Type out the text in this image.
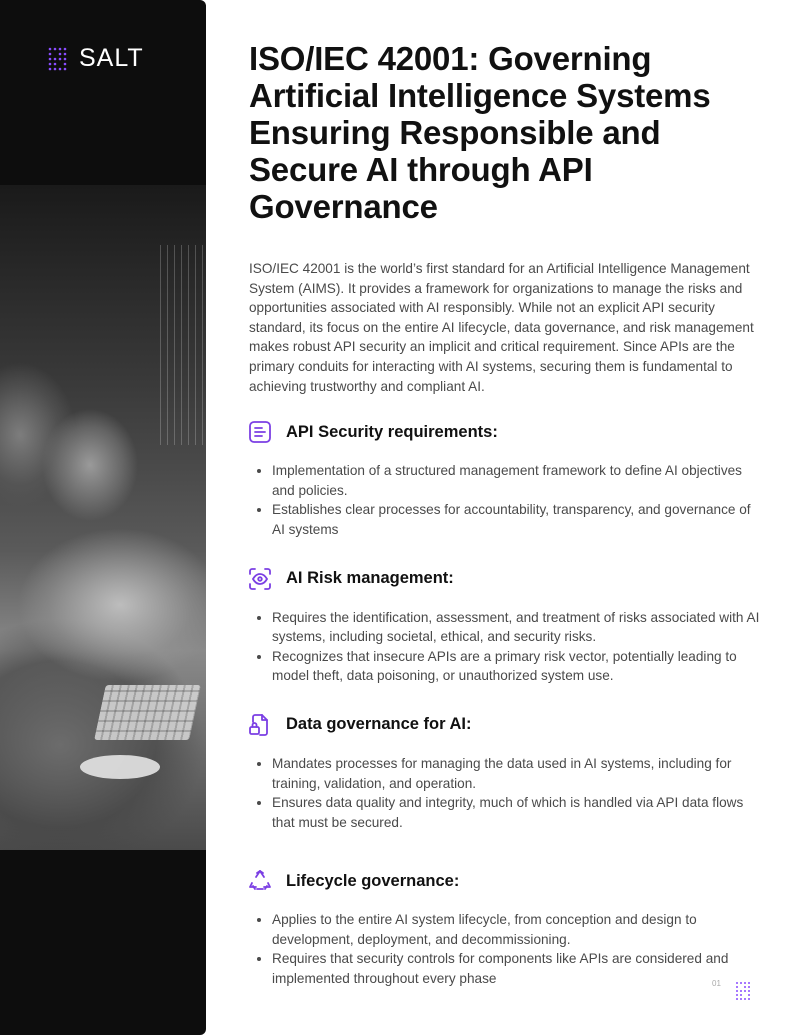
SALT	ISO/IEC 42001: Governing Artificial Intelligence Systems Ensuring Responsible and Secure AI through API Governance

ISO/IEC 42001 is the world’s first standard for an Artificial Intelligence Management System (AIMS). It provides a framework for organizations to manage the risks and opportunities associated with AI responsibly. While not an explicit API security standard, its focus on the entire AI lifecycle, data governance, and risk management makes robust API security an implicit and critical requirement. Since APIs are the primary conduits for interacting with AI systems, securing them is fundamental to achieving trustworthy and compliant AI.

API Security requirements:
• Implementation of a structured management framework to define AI objectives and policies.
• Establishes clear processes for accountability, transparency, and governance of AI systems
AI Risk management:
• Requires the identification, assessment, and treatment of risks associated with AI systems, including societal, ethical, and security risks.
• Recognizes that insecure APIs are a primary risk vector, potentially leading to model theft, data poisoning, or unauthorized system use.
Data governance for AI:
• Mandates processes for managing the data used in AI systems, including for training, validation, and operation.
• Ensures data quality and integrity, much of which is handled via API data flows that must be secured.
Lifecycle governance:
• Applies to the entire AI system lifecycle, from conception and design to development, deployment, and decommissioning.
• Requires that security controls for components like APIs are considered and implemented throughout every phase	01
